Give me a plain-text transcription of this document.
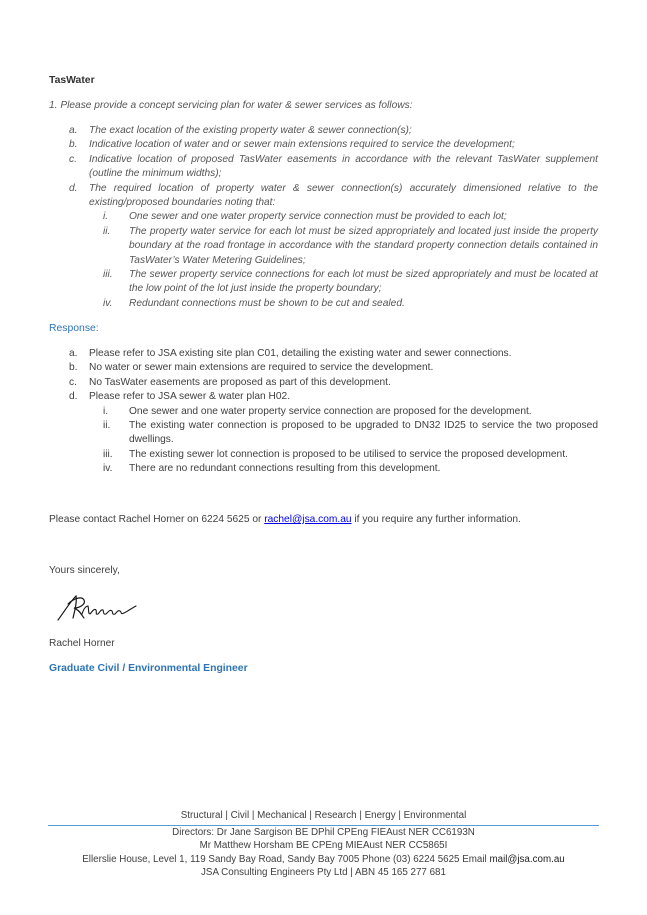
TasWater
1. Please provide a concept servicing plan for water & sewer services as follows:
a.	The exact location of the existing property water & sewer connection(s);
b.	Indicative location of water and or sewer main extensions required to service the development;
c.	Indicative location of proposed TasWater easements in accordance with the relevant TasWater supplement (outline the minimum widths);
d.	The required location of property water & sewer connection(s) accurately dimensioned relative to the existing/proposed boundaries noting that:
i.	One sewer and one water property service connection must be provided to each lot;
ii.	The property water service for each lot must be sized appropriately and located just inside the property boundary at the road frontage in accordance with the standard property connection details contained in TasWater’s Water Metering Guidelines;
iii.	The sewer property service connections for each lot must be sized appropriately and must be located at the low point of the lot just inside the property boundary;
iv.	Redundant connections must be shown to be cut and sealed.
Response:
a.	Please refer to JSA existing site plan C01, detailing the existing water and sewer connections.
b.	No water or sewer main extensions are required to service the development.
c.	No TasWater easements are proposed as part of this development.
d.	Please refer to JSA sewer & water plan H02.
i.	One sewer and one water property service connection are proposed for the development.
ii.	The existing water connection is proposed to be upgraded to DN32 ID25 to service the two proposed dwellings.
iii.	The existing sewer lot connection is proposed to be utilised to service the proposed development.
iv.	There are no redundant connections resulting from this development.
Please contact Rachel Horner on 6224 5625 or rachel@jsa.com.au if you require any further information.
Yours sincerely,
Rachel Horner
Graduate Civil / Environmental Engineer
Structural | Civil | Mechanical | Research | Energy | Environmental
Directors: Dr Jane Sargison BE DPhil CPEng FIEAust NER CC6193N
Mr Matthew Horsham BE CPEng MIEAust NER CC5865I
Ellerslie House, Level 1, 119 Sandy Bay Road, Sandy Bay 7005 Phone (03) 6224 5625 Email mail@jsa.com.au
JSA Consulting Engineers Pty Ltd | ABN 45 165 277 681
